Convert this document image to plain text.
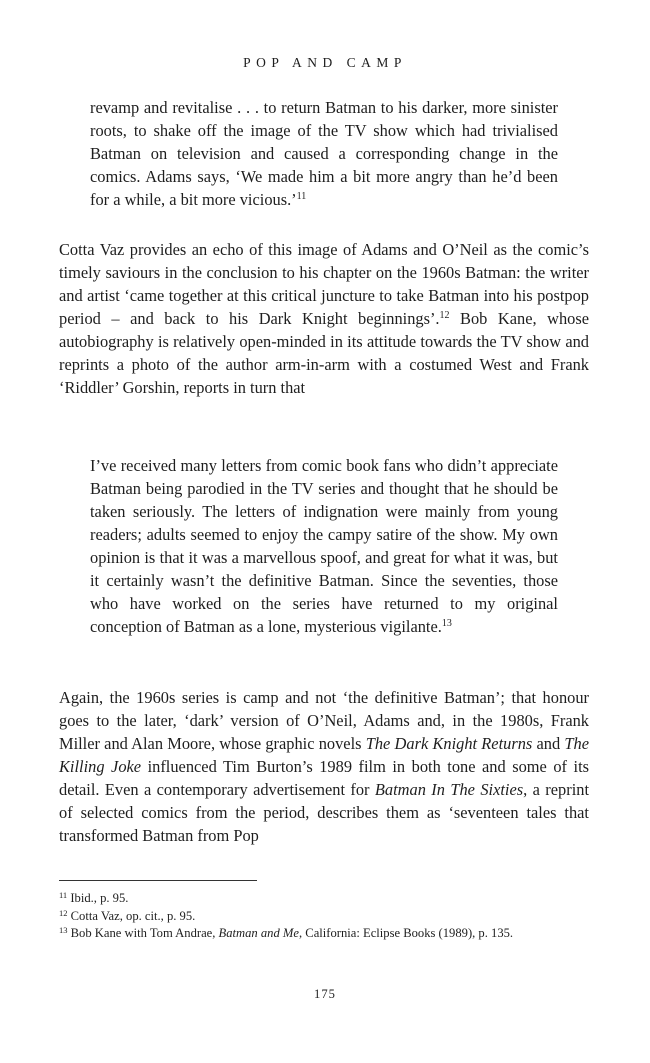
POP AND CAMP

revamp and revitalise . . . to return Batman to his darker, more sinister roots, to shake off the image of the TV show which had trivialised Batman on television and caused a corresponding change in the comics. Adams says, ‘We made him a bit more angry than he’d been for a while, a bit more vicious.’$^{11}$

Cotta Vaz provides an echo of this image of Adams and O’Neil as the comic’s timely saviours in the conclusion to his chapter on the 1960s Batman: the writer and artist ‘came together at this critical juncture to take Batman into his postpop period – and back to his Dark Knight beginnings’.$^{12}$ Bob Kane, whose autobiography is relatively open-minded in its attitude towards the TV show and reprints a photo of the author arm-in-arm with a costumed West and Frank ‘Riddler’ Gorshin, reports in turn that

I’ve received many letters from comic book fans who didn’t appreciate Batman being parodied in the TV series and thought that he should be taken seriously. The letters of indignation were mainly from young readers; adults seemed to enjoy the campy satire of the show. My own opinion is that it was a marvellous spoof, and great for what it was, but it certainly wasn’t the definitive Batman. Since the seventies, those who have worked on the series have returned to my original conception of Batman as a lone, mysterious vigilante.$^{13}$

Again, the 1960s series is camp and not ‘the definitive Batman’; that honour goes to the later, ‘dark’ version of O’Neil, Adams and, in the 1980s, Frank Miller and Alan Moore, whose graphic novels The Dark Knight Returns and The Killing Joke influenced Tim Burton’s 1989 film in both tone and some of its detail. Even a contemporary advertisement for Batman In The Sixties, a reprint of selected comics from the period, describes them as ‘seventeen tales that transformed Batman from Pop

$^{11}$ Ibid., p. 95.

$^{12}$ Cotta Vaz, op. cit., p. 95.

$^{13}$ Bob Kane with Tom Andrae, Batman and Me, California: Eclipse Books (1989), p. 135.

175
